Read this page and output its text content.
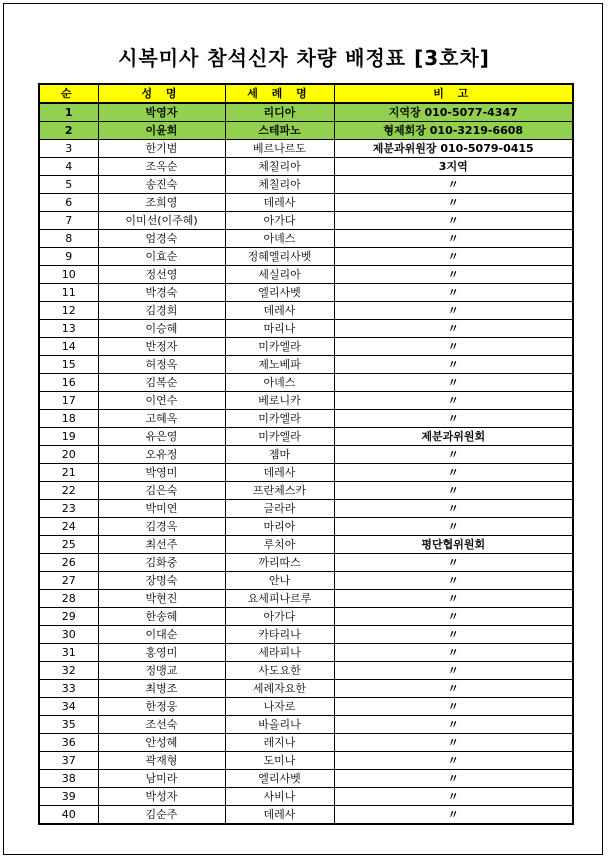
시복미사 참석신자 차량 배정표 [3호차]
순	성 명	세 례 명	비 고
1	박영자	리디아	지역장 010-5077-4347
2	이윤희	스테파노	형제회장 010-3219-6608
3	한기범	베르나르도	제분과위원장 010-5079-0415
4	조옥순	체칠리아	3지역
5	송진숙	체칠리아	〃
6	조희영	데레사	〃
7	이미선(이주혜)	아가다	〃
8	엄경숙	아녜스	〃
9	이효순	정혜엘리사벳	〃
10	정선영	세실리아	〃
11	박경숙	엘리사벳	〃
12	김경희	데레사	〃
13	이승혜	마리나	〃
14	반정자	미카엘라	〃
15	허정옥	제노베파	〃
16	김복순	아녜스	〃
17	이연수	베로니카	〃
18	고혜옥	미카엘라	〃
19	유은영	미카엘라	제분과위원회
20	오유정	젬마	〃
21	박영미	데레사	〃
22	김은숙	프란체스카	〃
23	박미연	글라라	〃
24	김경옥	마리아	〃
25	최선주	루치아	평단협위원회
26	김화중	까리따스	〃
27	장명숙	안나	〃
28	박현진	요세피나르루	〃
29	한송혜	아가다	〃
30	이대순	카타리나	〃
31	홍영미	세라피나	〃
32	정맹교	사도요한	〃
33	최병조	세례자요한	〃
34	한정웅	나자로	〃
35	조선숙	바올리나	〃
36	안성혜	레지나	〃
37	곽재형	도미나	〃
38	남미라	엘리사벳	〃
39	박성자	사비나	〃
40	김순주	데레사	〃
